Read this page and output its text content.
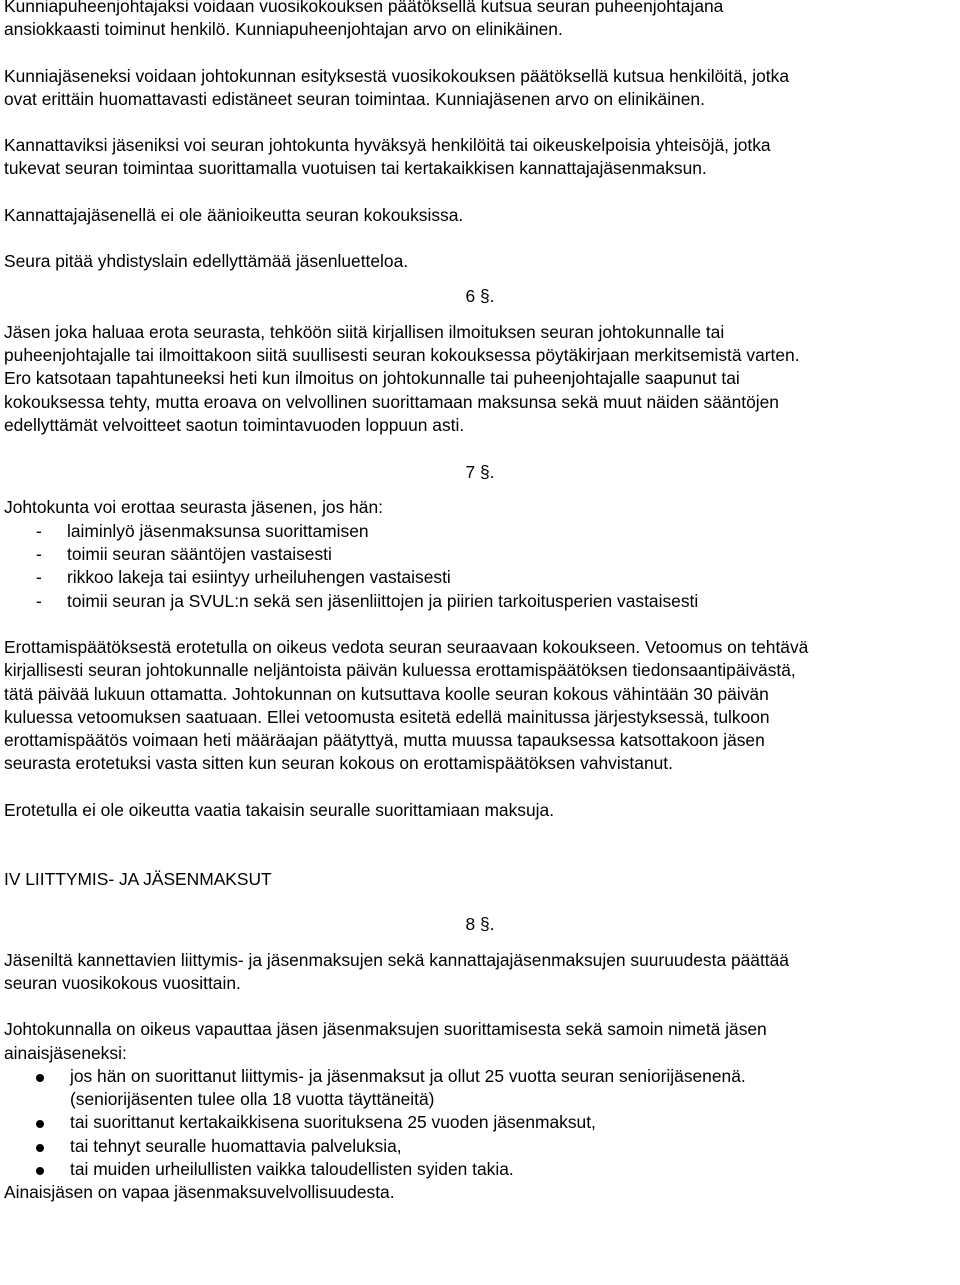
Kunniapuheenjohtajaksi voidaan vuosikokouksen päätöksellä kutsua seuran puheenjohtajana
ansiokkaasti toiminut henkilö. Kunniapuheenjohtajan arvo on elinikäinen.

Kunniajäseneksi voidaan johtokunnan esityksestä vuosikokouksen päätöksellä kutsua henkilöitä, jotka
ovat erittäin huomattavasti edistäneet seuran toimintaa. Kunniajäsenen arvo on elinikäinen.

Kannattaviksi jäseniksi voi seuran johtokunta hyväksyä henkilöitä tai oikeuskelpoisia yhteisöjä, jotka
tukevat seuran toimintaa suorittamalla vuotuisen tai kertakaikkisen kannattajajäsenmaksun.

Kannattajajäsenellä ei ole äänioikeutta seuran kokouksissa.

Seura pitää yhdistyslain edellyttämää jäsenluetteloa.

6 §.

Jäsen joka haluaa erota seurasta, tehköön siitä kirjallisen ilmoituksen seuran johtokunnalle tai
puheenjohtajalle tai ilmoittakoon siitä suullisesti seuran kokouksessa pöytäkirjaan merkitsemistä varten.
Ero katsotaan tapahtuneeksi heti kun ilmoitus on johtokunnalle tai puheenjohtajalle saapunut tai
kokouksessa tehty, mutta eroava on velvollinen suorittamaan maksunsa sekä muut näiden sääntöjen
edellyttämät velvoitteet saotun toimintavuoden loppuun asti.

7 §.

Johtokunta voi erottaa seurasta jäsenen, jos hän:

- laiminlyö jäsenmaksunsa suorittamisen
- toimii seuran sääntöjen vastaisesti
- rikkoo lakeja tai esiintyy urheiluhengen vastaisesti
- toimii seuran ja SVUL:n sekä sen jäsenliittojen ja piirien tarkoitusperien vastaisesti

Erottamispäätöksestä erotetulla on oikeus vedota seuran seuraavaan kokoukseen. Vetoomus on tehtävä
kirjallisesti seuran johtokunnalle neljäntoista päivän kuluessa erottamispäätöksen tiedonsaantipäivästä,
tätä päivää lukuun ottamatta. Johtokunnan on kutsuttava koolle seuran kokous vähintään 30 päivän
kuluessa vetoomuksen saatuaan. Ellei vetoomusta esitetä edellä mainitussa järjestyksessä, tulkoon
erottamispäätös voimaan heti määräajan päätyttyä, mutta muussa tapauksessa katsottakoon jäsen
seurasta erotetuksi vasta sitten kun seuran kokous on erottamispäätöksen vahvistanut.

Erotetulla ei ole oikeutta vaatia takaisin seuralle suorittamiaan maksuja.

IV LIITTYMIS- JA JÄSENMAKSUT

8 §.

Jäseniltä kannettavien liittymis- ja jäsenmaksujen sekä kannattajajäsenmaksujen suuruudesta päättää
seuran vuosikokous vuosittain.

Johtokunnalla on oikeus vapauttaa jäsen jäsenmaksujen suorittamisesta sekä samoin nimetä jäsen
ainaisjäseneksi:

jos hän on suorittanut liittymis- ja jäsenmaksut ja ollut 25 vuotta seuran seniorijäsenenä.
(seniorijäsenten tulee olla 18 vuotta täyttäneitä)
tai suorittanut kertakaikkisena suorituksena 25 vuoden jäsenmaksut,
tai tehnyt seuralle huomattavia palveluksia,
tai muiden urheilullisten vaikka taloudellisten syiden takia.

Ainaisjäsen on vapaa jäsenmaksuvelvollisuudesta.
